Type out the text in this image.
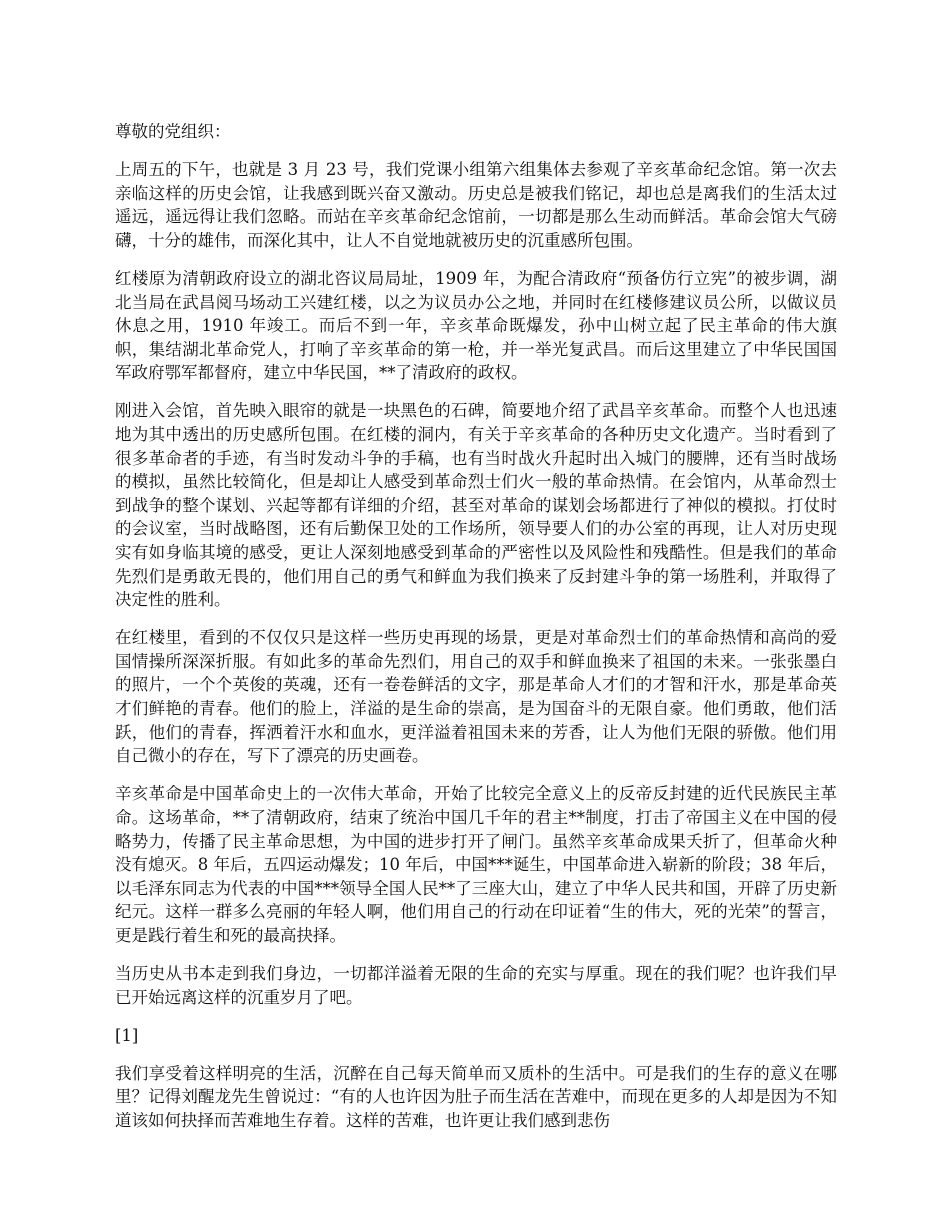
尊敬的党组织：

上周五的下午，也就是 3 月 23 号，我们党课小组第六组集体去参观了辛亥革命纪念馆。第一次去亲临这样的历史会馆，让我感到既兴奋又激动。历史总是被我们铭记，却也总是离我们的生活太过遥远，遥远得让我们忽略。而站在辛亥革命纪念馆前，一切都是那么生动而鲜活。革命会馆大气磅礴，十分的雄伟，而深化其中，让人不自觉地就被历史的沉重感所包围。

红楼原为清朝政府设立的湖北咨议局局址，1909 年，为配合清政府“预备仿行立宪”的被步调，湖北当局在武昌阅马场动工兴建红楼，以之为议员办公之地，并同时在红楼修建议员公所，以做议员休息之用，1910 年竣工。而后不到一年，辛亥革命既爆发，孙中山树立起了民主革命的伟大旗帜，集结湖北革命党人，打响了辛亥革命的第一枪，并一举光复武昌。而后这里建立了中华民国国军政府鄂军都督府，建立中华民国，**了清政府的政权。

刚进入会馆，首先映入眼帘的就是一块黑色的石碑，简要地介绍了武昌辛亥革命。而整个人也迅速地为其中透出的历史感所包围。在红楼的洞内，有关于辛亥革命的各种历史文化遗产。当时看到了很多革命者的手迹，有当时发动斗争的手稿，也有当时战火升起时出入城门的腰牌，还有当时战场的模拟，虽然比较简化，但是却让人感受到革命烈士们火一般的革命热情。在会馆内，从革命烈士到战争的整个谋划、兴起等都有详细的介绍，甚至对革命的谋划会场都进行了神似的模拟。打仗时的会议室，当时战略图，还有后勤保卫处的工作场所，领导要人们的办公室的再现，让人对历史现实有如身临其境的感受，更让人深刻地感受到革命的严密性以及风险性和残酷性。但是我们的革命先烈们是勇敢无畏的，他们用自己的勇气和鲜血为我们换来了反封建斗争的第一场胜利，并取得了决定性的胜利。

在红楼里，看到的不仅仅只是这样一些历史再现的场景，更是对革命烈士们的革命热情和高尚的爱国情操所深深折服。有如此多的革命先烈们，用自己的双手和鲜血换来了祖国的未来。一张张墨白的照片，一个个英俊的英魂，还有一卷卷鲜活的文字，那是革命人才们的才智和汗水，那是革命英才们鲜艳的青春。他们的脸上，洋溢的是生命的崇高，是为国奋斗的无限自豪。他们勇敢，他们活跃，他们的青春，挥洒着汗水和血水，更洋溢着祖国未来的芳香，让人为他们无限的骄傲。他们用自己微小的存在，写下了漂亮的历史画卷。

辛亥革命是中国革命史上的一次伟大革命，开始了比较完全意义上的反帝反封建的近代民族民主革命。这场革命，**了清朝政府，结束了统治中国几千年的君主**制度，打击了帝国主义在中国的侵略势力，传播了民主革命思想，为中国的进步打开了闸门。虽然辛亥革命成果夭折了，但革命火种没有熄灭。8 年后，五四运动爆发；10 年后，中国***诞生，中国革命进入崭新的阶段；38 年后，以毛泽东同志为代表的中国***领导全国人民**了三座大山，建立了中华人民共和国，开辟了历史新纪元。这样一群多么亮丽的年轻人啊，他们用自己的行动在印证着“生的伟大，死的光荣”的誓言，更是践行着生和死的最高抉择。

当历史从书本走到我们身边，一切都洋溢着无限的生命的充实与厚重。现在的我们呢？也许我们早已开始远离这样的沉重岁月了吧。

[1]

我们享受着这样明亮的生活，沉醉在自己每天简单而又质朴的生活中。可是我们的生存的意义在哪里？记得刘醒龙先生曾说过：“有的人也许因为肚子而生活在苦难中，而现在更多的人却是因为不知道该如何抉择而苦难地生存着。这样的苦难，也许更让我们感到悲伤
